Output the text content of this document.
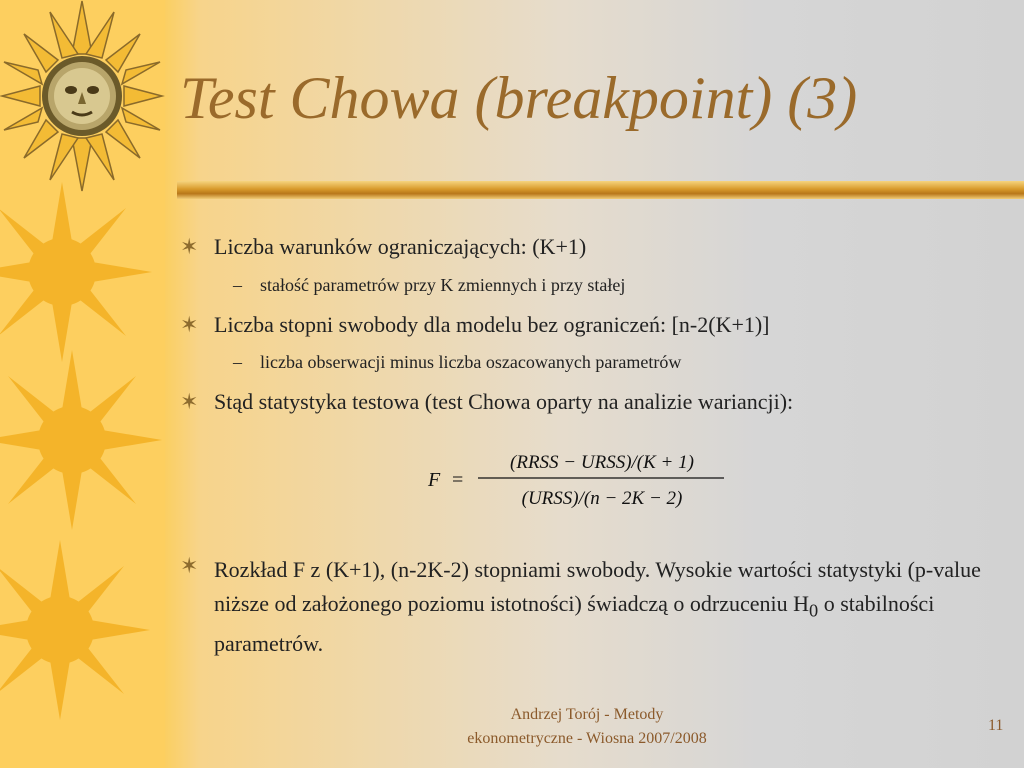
Test Chowa (breakpoint) (3)
✶ Liczba warunków ograniczających: (K+1)
– stałość parametrów przy K zmiennych i przy stałej
✶ Liczba stopni swobody dla modelu bez ograniczeń: [n-2(K+1)]
– liczba obserwacji minus liczba oszacowanych parametrów
✶ Stąd statystyka testowa (test Chowa oparty na analizie wariancji):
F =
(RRSS − URSS)/(K + 1)
(URSS)/(n − 2K − 2)
✶ Rozkład F z (K+1), (n-2K-2) stopniami swobody. Wysokie wartości statystyki (p-value niższe od założonego poziomu istotności) świadczą o odrzuceniu $H_0$ o stabilności parametrów.
Andrzej Torój - Metody
ekonometryczne - Wiosna 2007/2008
11
